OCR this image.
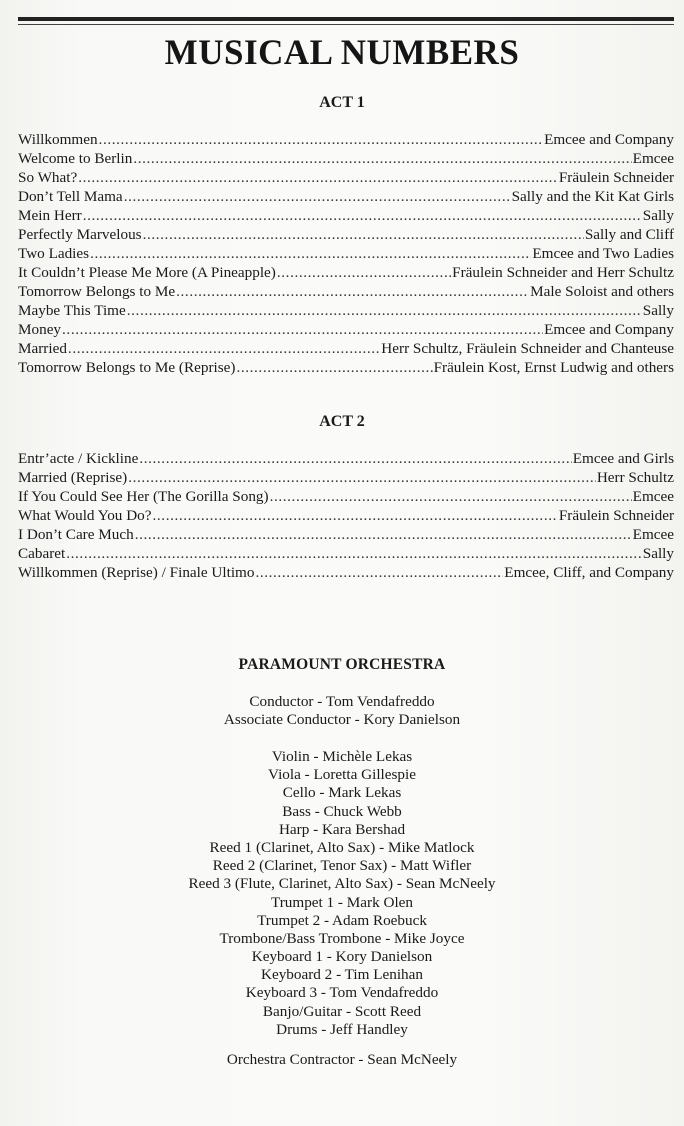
MUSICAL NUMBERS
ACT 1
Willkommen .....	Emcee and Company
Welcome to Berlin .....	Emcee
So What? .....	Fräulein Schneider
Don’t Tell Mama .....	Sally and the Kit Kat Girls
Mein Herr .....	Sally
Perfectly Marvelous .....	Sally and Cliff
Two Ladies .....	Emcee and Two Ladies
It Couldn’t Please Me More (A Pineapple) .....	Fräulein Schneider and Herr Schultz
Tomorrow Belongs to Me .....	Male Soloist and others
Maybe This Time .....	Sally
Money .....	Emcee and Company
Married .....	Herr Schultz, Fräulein Schneider and Chanteuse
Tomorrow Belongs to Me (Reprise) .....	Fräulein Kost, Ernst Ludwig and others
ACT 2
Entr’acte / Kickline .....	Emcee and Girls
Married (Reprise) .....	Herr Schultz
If You Could See Her (The Gorilla Song) .....	Emcee
What Would You Do? .....	Fräulein Schneider
I Don’t Care Much .....	Emcee
Cabaret .....	Sally
Willkommen (Reprise) / Finale Ultimo .....	Emcee, Cliff, and Company
PARAMOUNT ORCHESTRA
Conductor - Tom Vendafreddo
Associate Conductor - Kory Danielson
Violin - Michèle Lekas
Viola - Loretta Gillespie
Cello - Mark Lekas
Bass - Chuck Webb
Harp - Kara Bershad
Reed 1 (Clarinet, Alto Sax) - Mike Matlock
Reed 2 (Clarinet, Tenor Sax) - Matt Wifler
Reed 3 (Flute, Clarinet, Alto Sax) - Sean McNeely
Trumpet 1 - Mark Olen
Trumpet 2 - Adam Roebuck
Trombone/Bass Trombone - Mike Joyce
Keyboard 1 - Kory Danielson
Keyboard 2 - Tim Lenihan
Keyboard 3 - Tom Vendafreddo
Banjo/Guitar - Scott Reed
Drums - Jeff Handley
Orchestra Contractor - Sean McNeely
